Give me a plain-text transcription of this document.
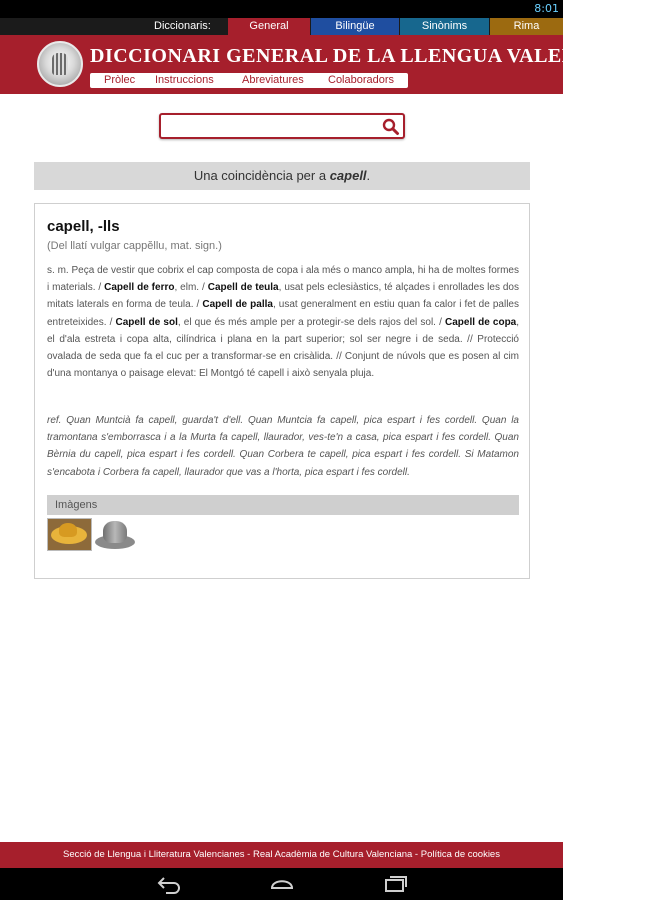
8:01
Diccionaris:	General	Bilingüe	Sinònims	Rima
DICCIONARI GENERAL DE LA LLENGUA VALENCIANA
Pròlec Instruccions	Abreviatures Colaboradors
Una coincidència per a capell.
capell, -lls
(Del llatí vulgar cappĕllu, mat. sign.)
s. m. Peça de vestir que cobrix el cap composta de copa i ala més o manco ampla, hi ha de moltes formes i materials. / Capell de ferro, elm. / Capell de teula, usat pels eclesiàstics, té alçades i enrollades les dos mitats laterals en forma de teula. / Capell de palla, usat generalment en estiu quan fa calor i fet de palles entreteixides. / Capell de sol, el que és més ample per a protegir-se dels rajos del sol. / Capell de copa, el d'ala estreta i copa alta, cilíndrica i plana en la part superior; sol ser negre i de seda. // Protecció ovalada de seda que fa el cuc per a transformar-se en crisàlida. // Conjunt de núvols que es posen al cim d'una montanya o paisage elevat: El Montgó té capell i això senyala pluja.
ref. Quan Muntcià fa capell, guarda't d'ell. Quan Muntcia fa capell, pica espart i fes cordell. Quan la tramontana s'emborrasca i a la Murta fa capell, llaurador, ves-te'n a casa, pica espart i fes cordell. Quan Bèrnia du capell, pica espart i fes cordell. Quan Corbera te capell, pica espart i fes cordell. Si Matamon s'encabota i Corbera fa capell, llaurador que vas a l'horta, pica espart i fes cordell.
Imàgens
Secció de Llengua i Lliteratura Valencianes - Real Acadèmia de Cultura Valenciana - Política de cookies
